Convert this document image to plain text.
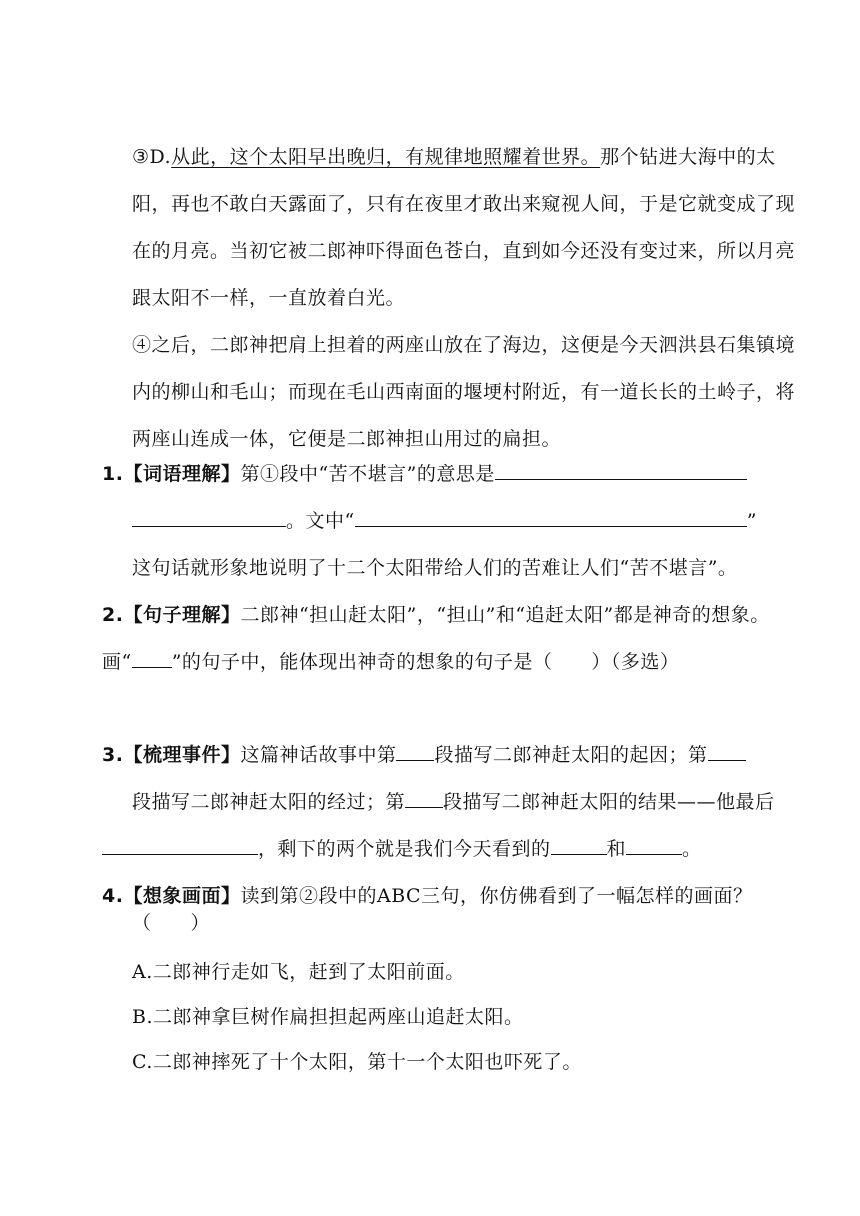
③D.从此，这个太阳早出晚归，有规律地照耀着世界。那个钻进大海中的太阳，再也不敢白天露面了，只有在夜里才敢出来窥视人间，于是它就变成了现在的月亮。当初它被二郎神吓得面色苍白，直到如今还没有变过来，所以月亮跟太阳不一样，一直放着白光。

④之后，二郎神把肩上担着的两座山放在了海边，这便是今天泗洪县石集镇境内的柳山和毛山；而现在毛山西南面的堰埂村附近，有一道长长的土岭子，将两座山连成一体，它便是二郎神担山用过的扁担。

1.【词语理解】第①段中“苦不堪言”的意思是
。文中“	”
这句话就形象地说明了十二个太阳带给人们的苦难让人们“苦不堪言”。
2.【句子理解】二郎神“担山赶太阳”，“担山”和“追赶太阳”都是神奇的想象。画“ ”的句子中，能体现出神奇的想象的句子是（　　）（多选）
3.【梳理事件】这篇神话故事中第 段描写二郎神赶太阳的起因；第
段描写二郎神赶太阳的经过；第 段描写二郎神赶太阳的结果——他最后，剩下的两个就是我们今天看到的	和	。
4.【想象画面】读到第②段中的ABC三句，你仿佛看到了一幅怎样的画面？

（　　）

A.二郎神行走如飞，赶到了太阳前面。

B.二郎神拿巨树作扁担担起两座山追赶太阳。

C.二郎神摔死了十个太阳，第十一个太阳也吓死了。
